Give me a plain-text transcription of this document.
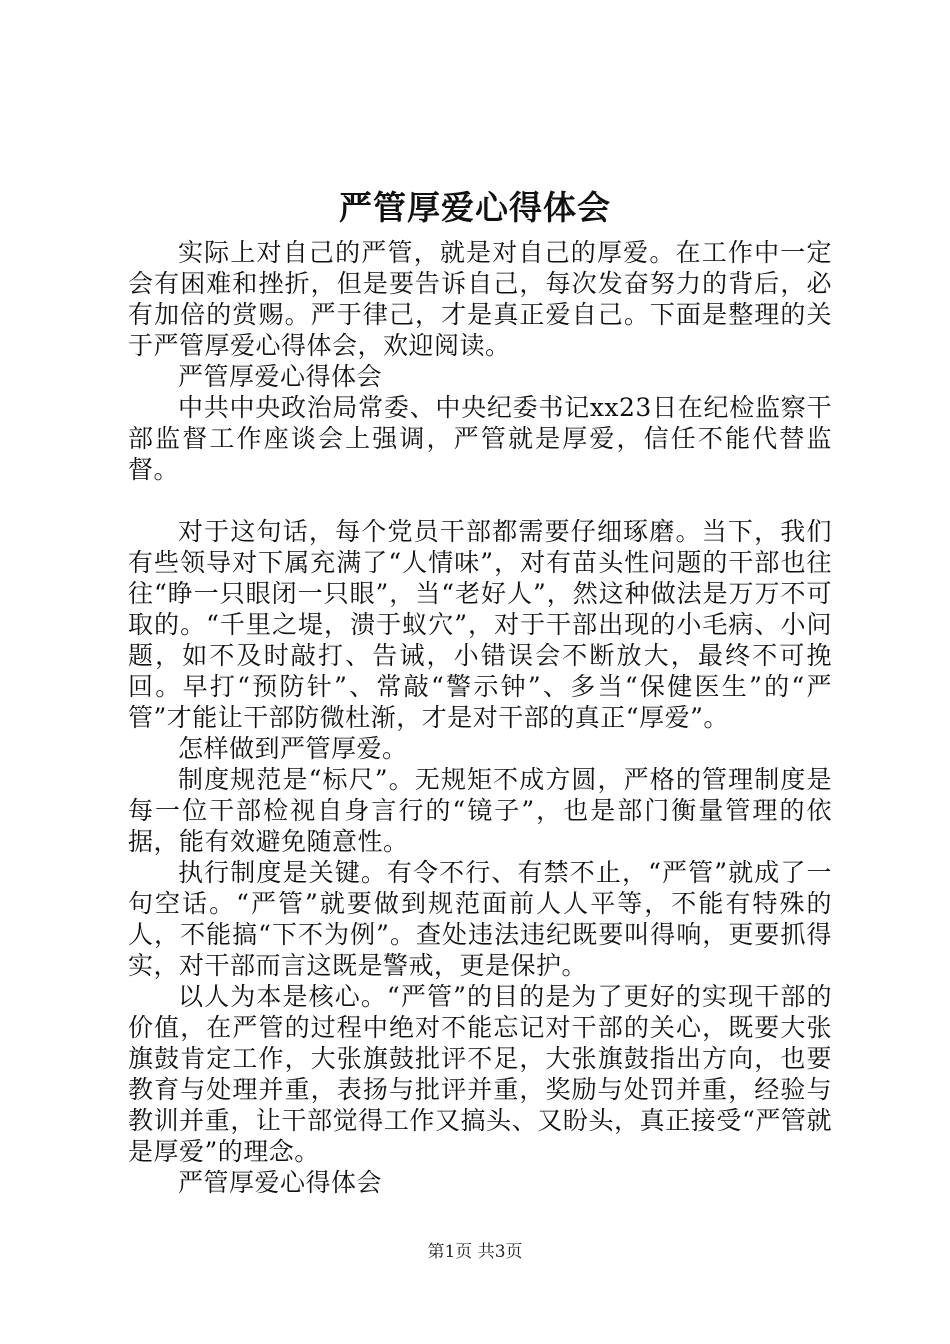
严管厚爱心得体会

实际上对自己的严管，就是对自己的厚爱。在工作中一定会有困难和挫折，但是要告诉自己，每次发奋努力的背后，必有加倍的赏赐。严于律己，才是真正爱自己。下面是整理的关于严管厚爱心得体会，欢迎阅读。

严管厚爱心得体会

中共中央政治局常委、中央纪委书记xx23日在纪检监察干部监督工作座谈会上强调，严管就是厚爱，信任不能代替监督。

对于这句话，每个党员干部都需要仔细琢磨。当下，我们有些领导对下属充满了“人情味”，对有苗头性问题的干部也往往“睁一只眼闭一只眼”，当“老好人”，然这种做法是万万不可取的。“千里之堤，溃于蚁穴”，对于干部出现的小毛病、小问题，如不及时敲打、告诫，小错误会不断放大，最终不可挽回。早打“预防针”、常敲“警示钟”、多当“保健医生”的“严管”才能让干部防微杜渐，才是对干部的真正“厚爱”。

怎样做到严管厚爱。

制度规范是“标尺”。无规矩不成方圆，严格的管理制度是每一位干部检视自身言行的“镜子”，也是部门衡量管理的依据，能有效避免随意性。

执行制度是关键。有令不行、有禁不止，“严管”就成了一句空话。“严管”就要做到规范面前人人平等，不能有特殊的人，不能搞“下不为例”。查处违法违纪既要叫得响，更要抓得实，对干部而言这既是警戒，更是保护。

以人为本是核心。“严管”的目的是为了更好的实现干部的价值，在严管的过程中绝对不能忘记对干部的关心，既要大张旗鼓肯定工作，大张旗鼓批评不足，大张旗鼓指出方向，也要教育与处理并重，表扬与批评并重，奖励与处罚并重，经验与教训并重，让干部觉得工作又搞头、又盼头，真正接受“严管就是厚爱”的理念。

严管厚爱心得体会

第1页 共3页
